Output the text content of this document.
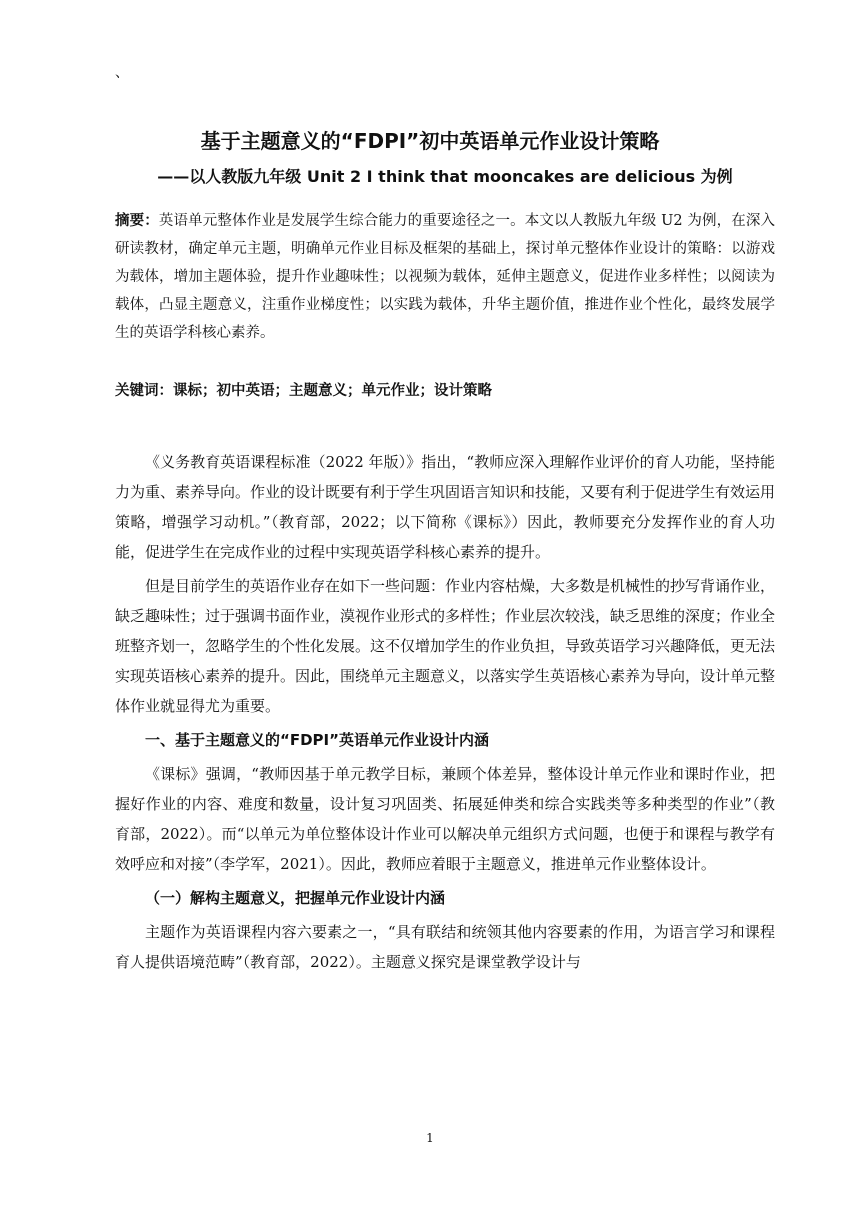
、
基于主题意义的“FDPI”初中英语单元作业设计策略
——以人教版九年级 Unit 2 I think that mooncakes are delicious 为例

摘要：英语单元整体作业是发展学生综合能力的重要途径之一。本文以人教版九年级 U2 为例，在深入研读教材，确定单元主题，明确单元作业目标及框架的基础上，探讨单元整体作业设计的策略：以游戏为载体，增加主题体验，提升作业趣味性；以视频为载体，延伸主题意义，促进作业多样性；以阅读为载体，凸显主题意义，注重作业梯度性；以实践为载体，升华主题价值，推进作业个性化，最终发展学生的英语学科核心素养。

关键词：课标；初中英语；主题意义；单元作业；设计策略

《义务教育英语课程标准（2022 年版）》指出，“教师应深入理解作业评价的育人功能，坚持能力为重、素养导向。作业的设计既要有利于学生巩固语言知识和技能，又要有利于促进学生有效运用策略，增强学习动机。”（教育部，2022；以下简称《课标》）因此，教师要充分发挥作业的育人功能，促进学生在完成作业的过程中实现英语学科核心素养的提升。

但是目前学生的英语作业存在如下一些问题：作业内容枯燥，大多数是机械性的抄写背诵作业，缺乏趣味性；过于强调书面作业，漠视作业形式的多样性；作业层次较浅，缺乏思维的深度；作业全班整齐划一，忽略学生的个性化发展。这不仅增加学生的作业负担，导致英语学习兴趣降低，更无法实现英语核心素养的提升。因此，围绕单元主题意义，以落实学生英语核心素养为导向，设计单元整体作业就显得尤为重要。

一、基于主题意义的“FDPI”英语单元作业设计内涵

《课标》强调，“教师因基于单元教学目标，兼顾个体差异，整体设计单元作业和课时作业，把握好作业的内容、难度和数量，设计复习巩固类、拓展延伸类和综合实践类等多种类型的作业”（教育部，2022）。而“以单元为单位整体设计作业可以解决单元组织方式问题，也便于和课程与教学有效呼应和对接”（李学军，2021）。因此，教师应着眼于主题意义，推进单元作业整体设计。

（一）解构主题意义，把握单元作业设计内涵

主题作为英语课程内容六要素之一，“具有联结和统领其他内容要素的作用，为语言学习和课程育人提供语境范畴”（教育部，2022）。主题意义探究是课堂教学设计与

1
